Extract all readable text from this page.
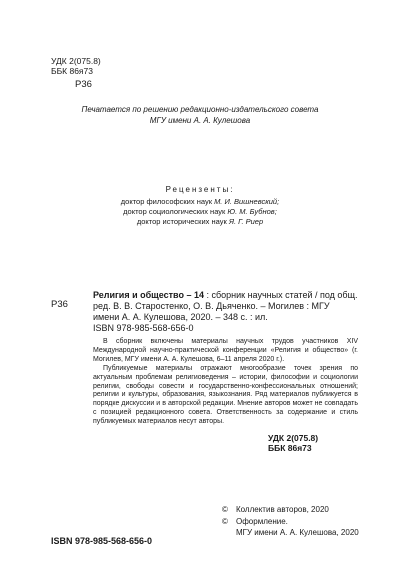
УДК 2(075.8)
ББК 86я73
Р36
Печатается по решению редакционно-издательского совета
МГУ имени А. А. Кулешова
Рецензенты:
доктор философских наук М. И. Вишневский;
доктор социологических наук Ю. М. Бубнов;
доктор исторических наук Я. Г. Риер
Р36
Религия и общество – 14 : сборник научных статей / под общ. ред. В. В. Старостенко, О. В. Дьяченко. – Могилев : МГУ имени А. А. Кулешова, 2020. – 348 с. : ил.
ISBN 978-985-568-656-0

В сборник включены материалы научных трудов участников XIV Международной научно-практической конференции «Религия и общество» (г. Могилев, МГУ имени А. А. Кулешова, 6–11 апреля 2020 г.).

Публикуемые материалы отражают многообразие точек зрения по актуальным проблемам религиоведения – истории, философии и социологии религии, свободы совести и государственно-конфессиональных отношений; религии и культуры, образования, языкознания. Ряд материалов публикуется в порядке дискуссии и в авторской редакции. Мнение авторов может не совпадать с позицией редакционного совета. Ответственность за содержание и стиль публикуемых материалов несут авторы.

УДК 2(075.8)
ББК 86я73
ISBN 978-985-568-656-0
© Коллектив авторов, 2020
© Оформление.
МГУ имени А. А. Кулешова, 2020
